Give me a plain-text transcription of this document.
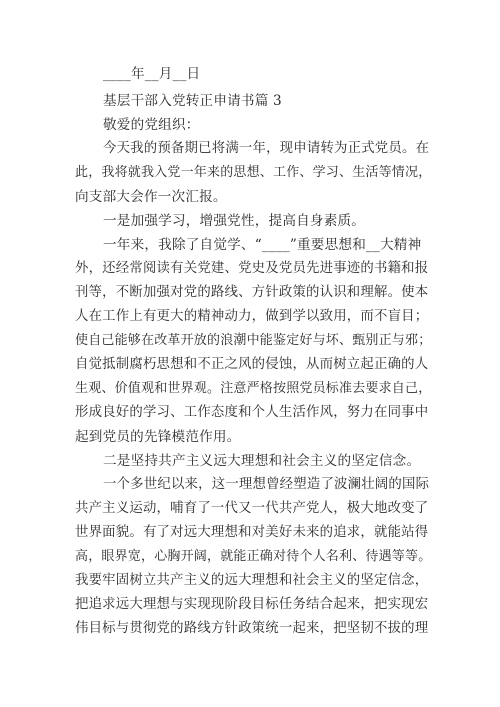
____年__月__日
基层干部入党转正申请书篇 3
敬爱的党组织：
今天我的预备期已将满一年，现申请转为正式党员。在
此，我将就我入党一年来的思想、工作、学习、生活等情况，
向支部大会作一次汇报。
一是加强学习，增强党性，提高自身素质。
一年来，我除了自觉学、“____”重要思想和__大精神
外，还经常阅读有关党建、党史及党员先进事迹的书籍和报
刊等，不断加强对党的路线、方针政策的认识和理解。使本
人在工作上有更大的精神动力，做到学以致用，而不盲目；
使自己能够在改革开放的浪潮中能鉴定好与坏、甄别正与邪；
自觉抵制腐朽思想和不正之风的侵蚀，从而树立起正确的人
生观、价值观和世界观。注意严格按照党员标准去要求自己，
形成良好的学习、工作态度和个人生活作风，努力在同事中
起到党员的先锋模范作用。
二是坚持共产主义远大理想和社会主义的坚定信念。
一个多世纪以来，这一理想曾经塑造了波澜壮阔的国际
共产主义运动，哺育了一代又一代共产党人，极大地改变了
世界面貌。有了对远大理想和对美好未来的追求，就能站得
高，眼界宽，心胸开阔，就能正确对待个人名利、待遇等等。
我要牢固树立共产主义的远大理想和社会主义的坚定信念，
把追求远大理想与实现现阶段目标任务结合起来，把实现宏
伟目标与贯彻党的路线方针政策统一起来，把坚韧不拔的理
